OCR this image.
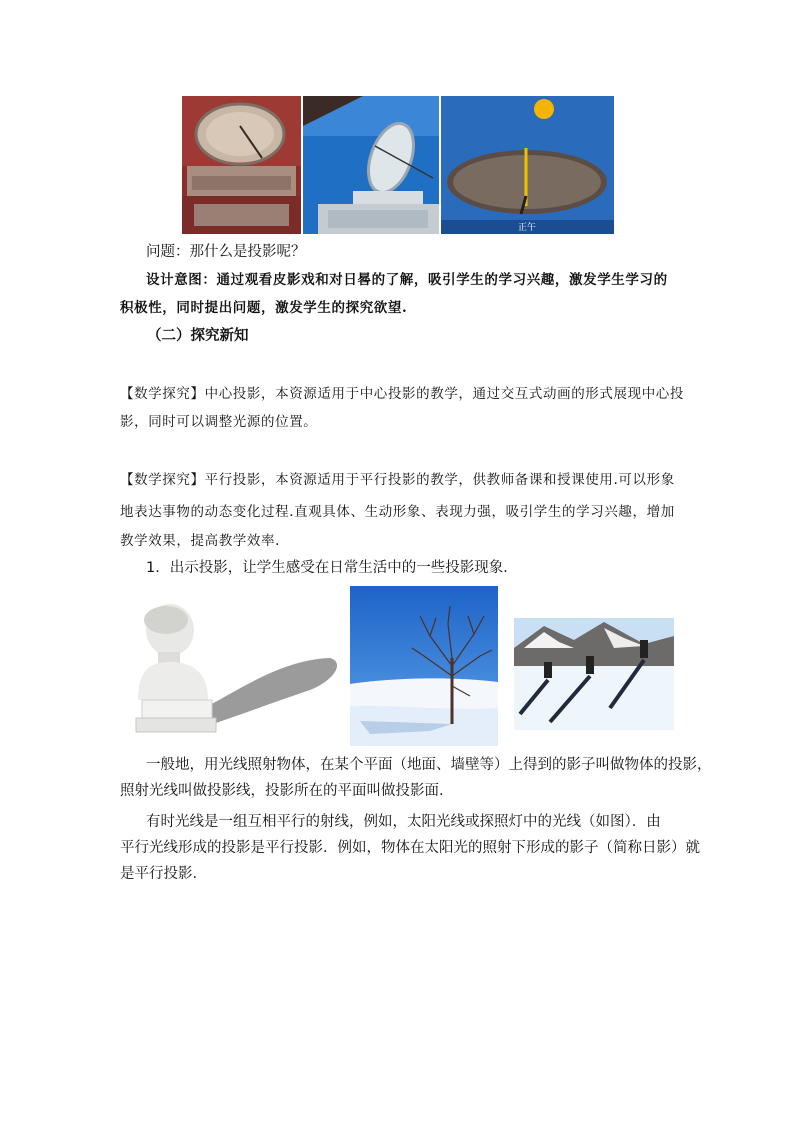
正午
问题：那什么是投影呢？
设计意图：通过观看皮影戏和对日晷的了解，吸引学生的学习兴趣，激发学生学习的
积极性，同时提出问题，激发学生的探究欲望.
（二）探究新知
【数学探究】中心投影，本资源适用于中心投影的教学，通过交互式动画的形式展现中心投
影，同时可以调整光源的位置。
【数学探究】平行投影，本资源适用于平行投影的教学，供教师备课和授课使用.可以形象
地表达事物的动态变化过程.直观具体、生动形象、表现力强，吸引学生的学习兴趣，增加
教学效果，提高教学效率.
1．出示投影，让学生感受在日常生活中的一些投影现象．
一般地，用光线照射物体，在某个平面（地面、墙壁等）上得到的影子叫做物体的投影，
照射光线叫做投影线，投影所在的平面叫做投影面．
有时光线是一组互相平行的射线，例如，太阳光线或探照灯中的光线（如图）．由
平行光线形成的投影是平行投影．例如，物体在太阳光的照射下形成的影子（简称日影）就
是平行投影．
